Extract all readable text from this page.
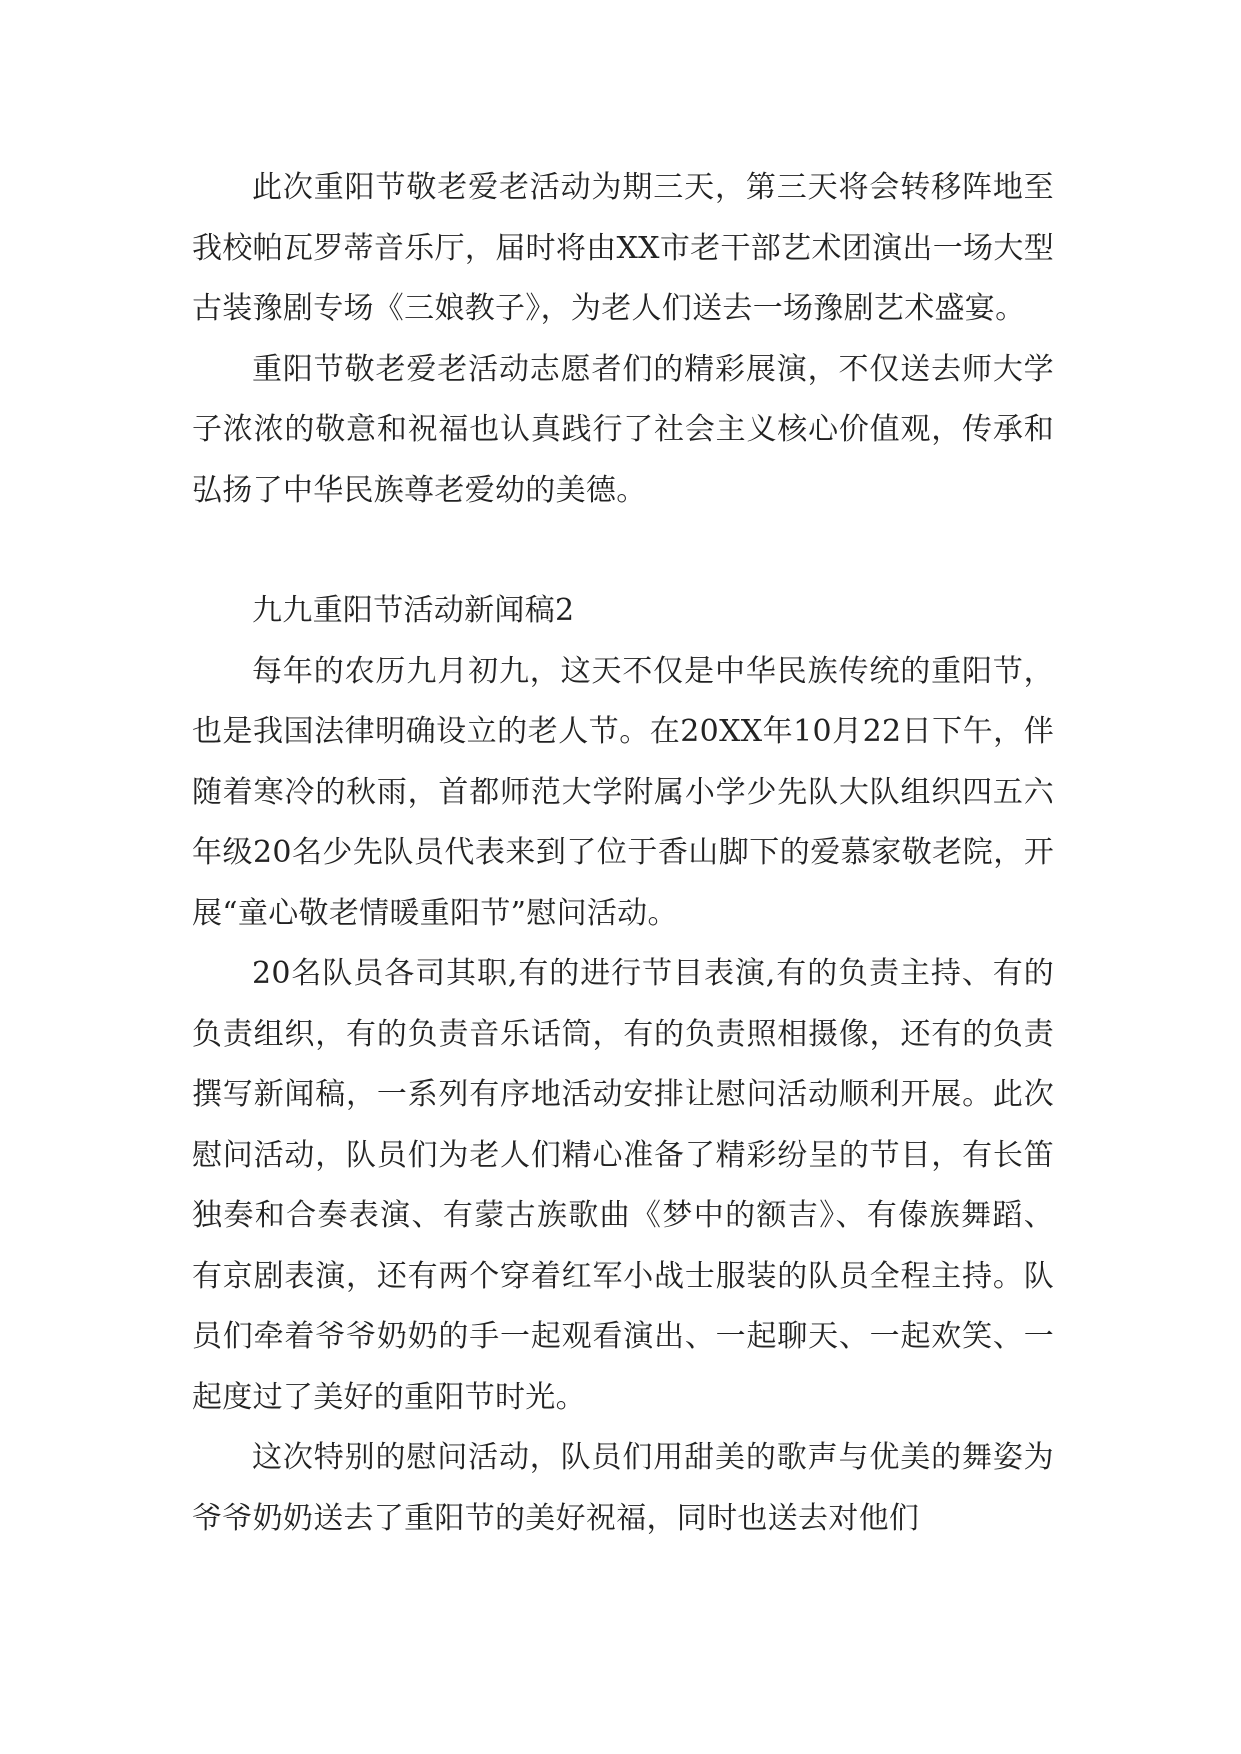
此次重阳节敬老爱老活动为期三天，第三天将会转移阵地至我校帕瓦罗蒂音乐厅，届时将由XX市老干部艺术团演出一场大型古装豫剧专场《三娘教子》，为老人们送去一场豫剧艺术盛宴。

重阳节敬老爱老活动志愿者们的精彩展演，不仅送去师大学子浓浓的敬意和祝福也认真践行了社会主义核心价值观，传承和弘扬了中华民族尊老爱幼的美德。

九九重阳节活动新闻稿2

每年的农历九月初九，这天不仅是中华民族传统的重阳节，也是我国法律明确设立的老人节。在20XX年10月22日下午，伴随着寒冷的秋雨，首都师范大学附属小学少先队大队组织四五六年级20名少先队员代表来到了位于香山脚下的爱慕家敬老院，开展“童心敬老情暖重阳节”慰问活动。

20名队员各司其职,有的进行节目表演,有的负责主持、有的负责组织，有的负责音乐话筒，有的负责照相摄像，还有的负责撰写新闻稿，一系列有序地活动安排让慰问活动顺利开展。此次慰问活动，队员们为老人们精心准备了精彩纷呈的节目，有长笛独奏和合奏表演、有蒙古族歌曲《梦中的额吉》、有傣族舞蹈、有京剧表演，还有两个穿着红军小战士服装的队员全程主持。队员们牵着爷爷奶奶的手一起观看演出、一起聊天、一起欢笑、一起度过了美好的重阳节时光。

这次特别的慰问活动，队员们用甜美的歌声与优美的舞姿为爷爷奶奶送去了重阳节的美好祝福，同时也送去对他们
